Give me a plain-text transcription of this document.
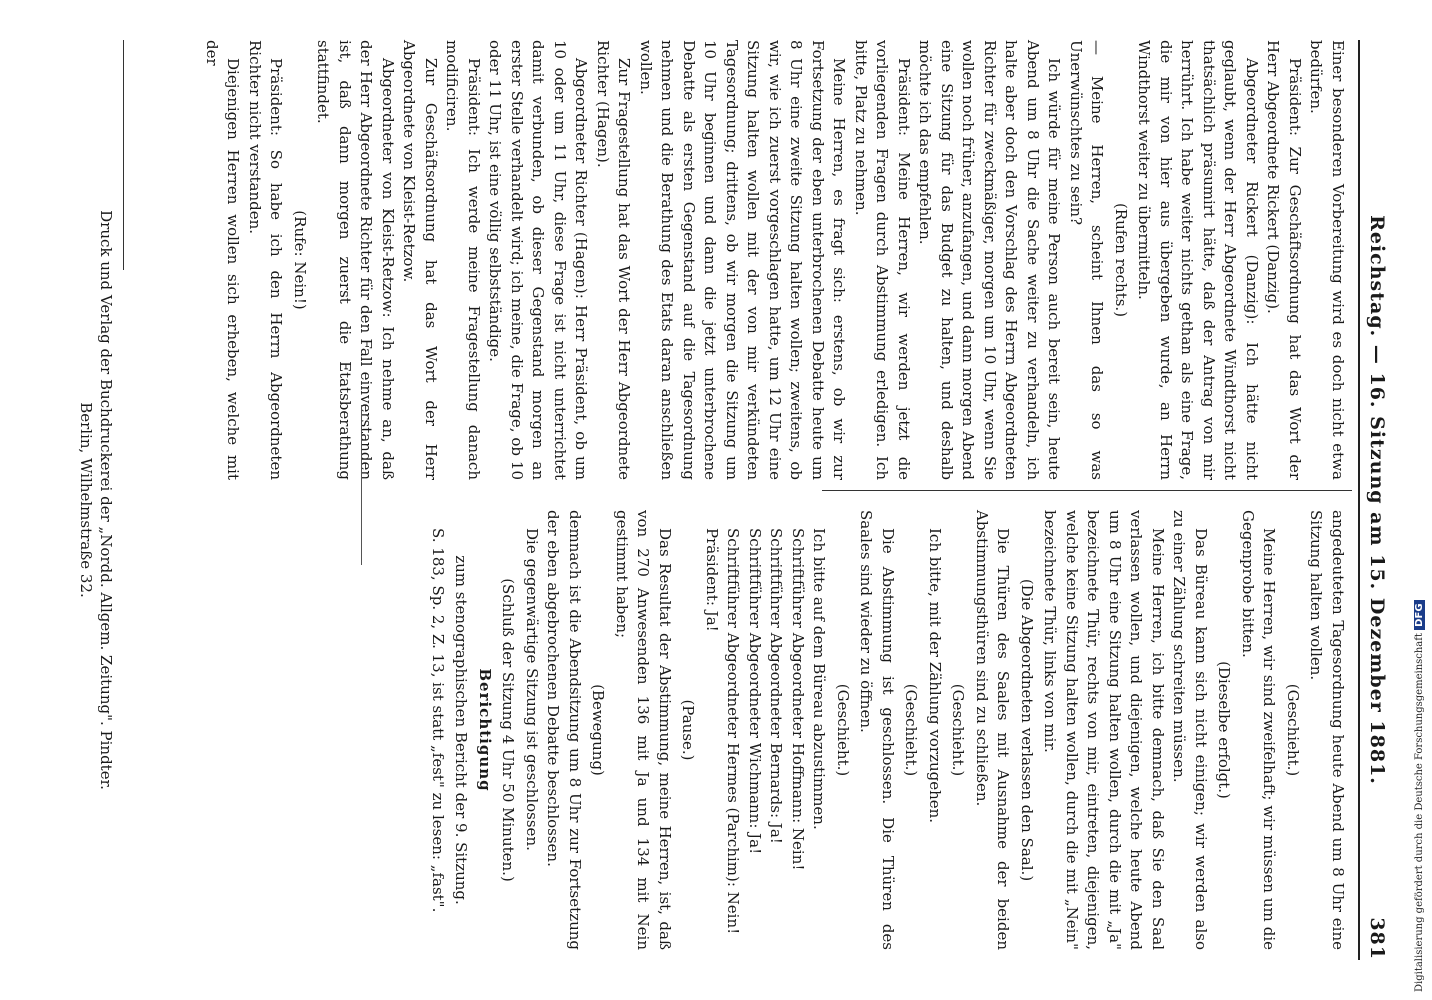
Reichstag. — 16. Sitzung am 15. Dezember 1881.
381

Einer besonderen Vorbereitung wird es doch nicht etwa bedürfen.

Präsident: Zur Geschäftsordnung hat das Wort der Herr Abgeordnete Rickert (Danzig).

Abgeordneter Rickert (Danzig): Ich hätte nicht geglaubt, wenn der Herr Abgeordnete Windthorst nicht thatsächlich präsumirt hätte, daß der Antrag von mir herrührt. Ich habe weiter nichts gethan als eine Frage, die mir von hier aus übergeben wurde, an Herrn Windthorst weiter zu übermitteln.

(Rufen rechts.)

— Meine Herren, scheint Ihnen das so was Unerwünschtes zu sein?

Ich würde für meine Person auch bereit sein, heute Abend um 8 Uhr die Sache weiter zu verhandeln, ich halte aber doch den Vorschlag des Herrn Abgeordneten Richter für zweckmäßiger, morgen um 10 Uhr, wenn Sie wollen noch früher, anzufangen, und dann morgen Abend eine Sitzung für das Budget zu halten, und deshalb möchte ich das empfehlen.

Präsident: Meine Herren, wir werden jetzt die vorliegenden Fragen durch Abstimmung erledigen. Ich bitte, Platz zu nehmen.

Meine Herren, es fragt sich: erstens, ob wir zur Fortsetzung der eben unterbrochenen Debatte heute um 8 Uhr eine zweite Sitzung halten wollen; zweitens, ob wir, wie ich zuerst vorgeschlagen hatte, um 12 Uhr eine Sitzung halten wollen mit der von mir verkündeten Tagesordnung; drittens, ob wir morgen die Sitzung um 10 Uhr beginnen und dann die jetzt unterbrochene Debatte als ersten Gegenstand auf die Tagesordnung nehmen und die Berathung des Etats daran anschließen wollen.

Zur Fragestellung hat das Wort der Herr Abgeordnete Richter (Hagen).

Abgeordneter Richter (Hagen): Herr Präsident, ob um 10 oder um 11 Uhr, diese Frage ist nicht unterrichtet damit verbunden, ob dieser Gegenstand morgen an erster Stelle verhandelt wird; ich meine, die Frage, ob 10 oder 11 Uhr, ist eine völlig selbstständige.

Präsident: Ich werde meine Fragestellung danach modificiren.

Zur Geschäftsordnung hat das Wort der Herr Abgeordnete von Kleist-Retzow.

Abgeordneter von Kleist-Retzow: Ich nehme an, daß der Herr Abgeordnete Richter für den Fall einverstanden ist, daß dann morgen zuerst die Etatsberathung stattfindet.

(Rufe: Nein!)

Präsident: So habe ich den Herrn Abgeordneten Richter nicht verstanden.

Diejenigen Herren wollen sich erheben, welche mit der

angedeuteten Tagesordnung heute Abend um 8 Uhr eine Sitzung halten wollen.

(Geschieht.)

Meine Herren, wir sind zweifelhaft; wir müssen um die Gegenprobe bitten.

(Dieselbe erfolgt.)

Das Büreau kann sich nicht einigen; wir werden also zu einer Zählung schreiten müssen.

Meine Herren, ich bitte demnach, daß Sie den Saal verlassen wollen, und diejenigen, welche heute Abend um 8 Uhr eine Sitzung halten wollen, durch die mit „Ja" bezeichnete Thür, rechts von mir, eintreten, diejenigen, welche keine Sitzung halten wollen, durch die mit „Nein" bezeichnete Thür, links von mir.

(Die Abgeordneten verlassen den Saal.)

Die Thüren des Saales mit Ausnahme der beiden Abstimmungsthüren sind zu schließen.

(Geschieht.)

Ich bitte, mit der Zählung vorzugehen.

(Geschieht.)

Die Abstimmung ist geschlossen. Die Thüren des Saales sind wieder zu öffnen.

(Geschieht.)

Ich bitte auf dem Büreau abzustimmen.

Schriftführer Abgeordneter Hoffmann: Nein!

Schriftführer Abgeordneter Bernards: Ja!

Schriftführer Abgeordneter Wichmann: Ja!

Schriftführer Abgeordneter Hermes (Parchim): Nein!

Präsident: Ja!

(Pause.)

Das Resultat der Abstimmung, meine Herren, ist, daß von 270 Anwesenden 136 mit Ja und 134 mit Nein gestimmt haben;

(Bewegung)

demnach ist die Abendsitzung um 8 Uhr zur Fortsetzung der eben abgebrochenen Debatte beschlossen.

Die gegenwärtige Sitzung ist geschlossen.

(Schluß der Sitzung 4 Uhr 50 Minuten.)

Berichtigung

zum stenographischen Bericht der 9. Sitzung.

S. 183, Sp. 2, Z. 13, ist statt „fest" zu lesen: „fast".

Druck und Verlag der Buchdruckerei der „Nordd. Allgem. Zeitung". Pindter.
Berlin, Wilhelmstraße 32.
Digitalisierung gefördert durch die Deutsche Forschungsgemeinschaft DFG
